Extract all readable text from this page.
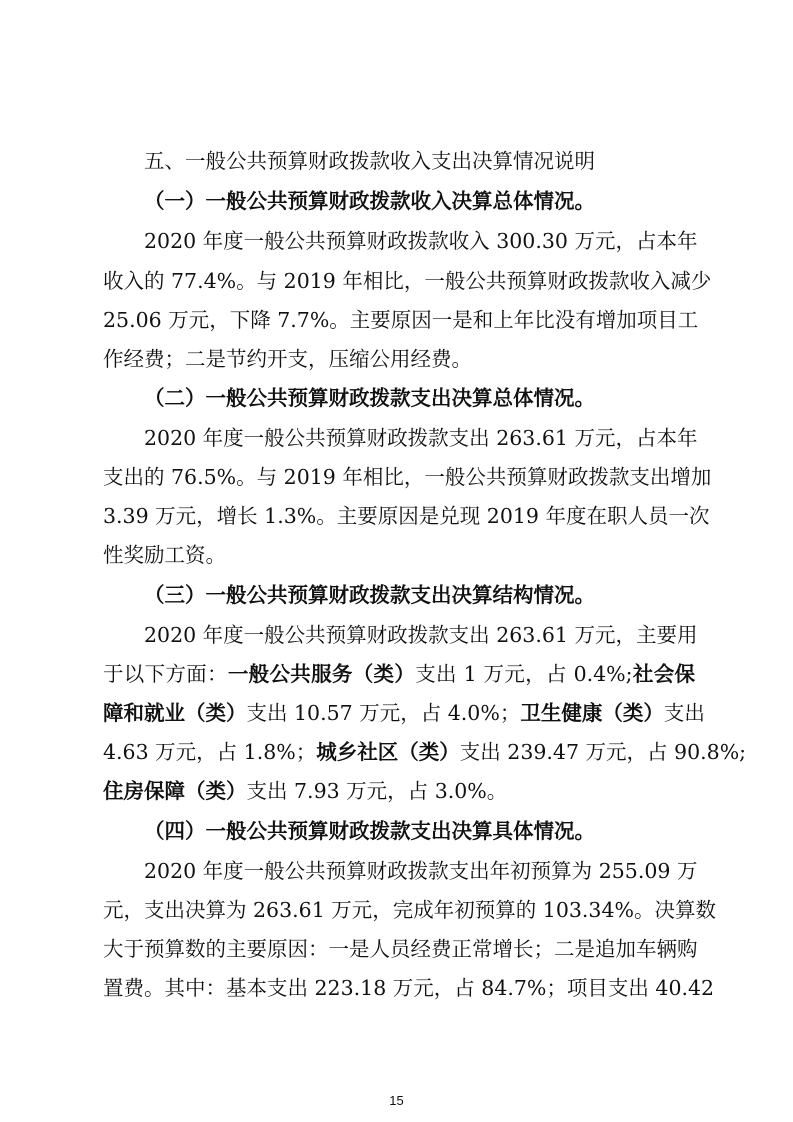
五、一般公共预算财政拨款收入支出决算情况说明
（一）一般公共预算财政拨款收入决算总体情况。
2020 年度一般公共预算财政拨款收入 300.30 万元，占本年
收入的 77.4%。与 2019 年相比，一般公共预算财政拨款收入减少
25.06 万元，下降 7.7%。主要原因一是和上年比没有增加项目工
作经费；二是节约开支，压缩公用经费。
（二）一般公共预算财政拨款支出决算总体情况。
2020 年度一般公共预算财政拨款支出 263.61 万元，占本年
支出的 76.5%。与 2019 年相比，一般公共预算财政拨款支出增加
3.39 万元，增长 1.3%。主要原因是兑现 2019 年度在职人员一次
性奖励工资。
（三）一般公共预算财政拨款支出决算结构情况。
2020 年度一般公共预算财政拨款支出 263.61 万元，主要用
于以下方面：一般公共服务（类）支出 1 万元，占 0.4%;社会保
障和就业（类）支出 10.57 万元，占 4.0%；卫生健康（类）支出
4.63 万元，占 1.8%；城乡社区（类）支出 239.47 万元，占 90.8%;
住房保障（类）支出 7.93 万元，占 3.0%。
（四）一般公共预算财政拨款支出决算具体情况。
2020 年度一般公共预算财政拨款支出年初预算为 255.09 万
元，支出决算为 263.61 万元，完成年初预算的 103.34%。决算数
大于预算数的主要原因：一是人员经费正常增长；二是追加车辆购
置费。其中：基本支出 223.18 万元，占 84.7%；项目支出 40.42
15
